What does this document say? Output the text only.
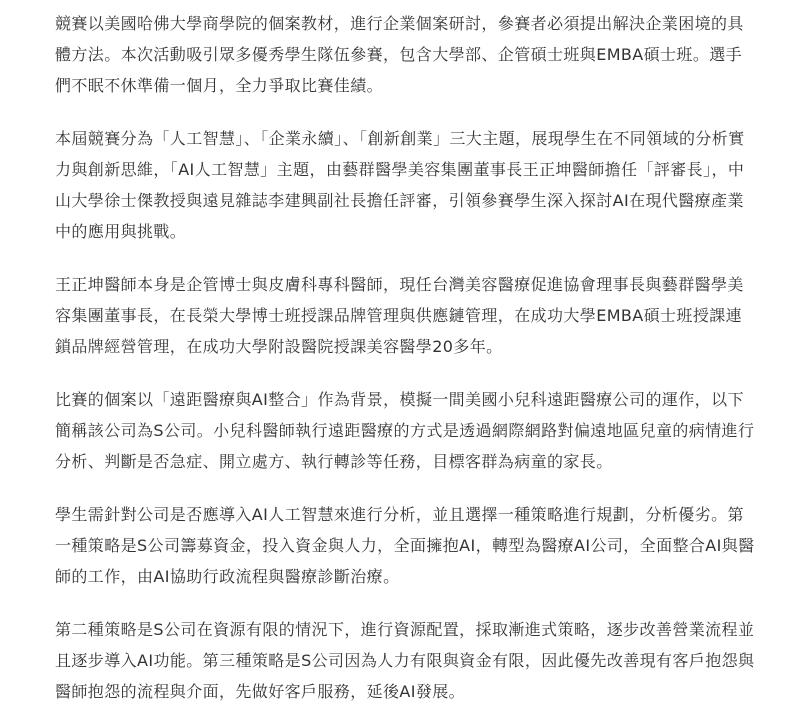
競賽以美國哈佛大學商學院的個案教材，進行企業個案研討，參賽者必須提出解決企業困境的具體方法。本次活動吸引眾多優秀學生隊伍參賽，包含大學部、企管碩士班與EMBA碩士班。選手們不眠不休準備一個月，全力爭取比賽佳績。

本屆競賽分為「人工智慧」、「企業永續」、「創新創業」三大主題，展現學生在不同領域的分析實力與創新思維，「AI人工智慧」主題，由藝群醫學美容集團董事長王正坤醫師擔任「評審長」，中山大學徐士傑教授與遠見雜誌李建興副社長擔任評審，引領參賽學生深入探討AI在現代醫療產業中的應用與挑戰。

王正坤醫師本身是企管博士與皮膚科專科醫師，現任台灣美容醫療促進協會理事長與藝群醫學美容集團董事長，在長榮大學博士班授課品牌管理與供應鏈管理，在成功大學EMBA碩士班授課連鎖品牌經營管理，在成功大學附設醫院授課美容醫學20多年。

比賽的個案以「遠距醫療與AI整合」作為背景，模擬一間美國小兒科遠距醫療公司的運作，以下簡稱該公司為S公司。小兒科醫師執行遠距醫療的方式是透過網際網路對偏遠地區兒童的病情進行分析、判斷是否急症、開立處方、執行轉診等任務，目標客群為病童的家長。

學生需針對公司是否應導入AI人工智慧來進行分析，並且選擇一種策略進行規劃，分析優劣。第一種策略是S公司籌募資金，投入資金與人力，全面擁抱AI，轉型為醫療AI公司，全面整合AI與醫師的工作，由AI協助行政流程與醫療診斷治療。

第二種策略是S公司在資源有限的情況下，進行資源配置，採取漸進式策略，逐步改善營業流程並且逐步導入AI功能。第三種策略是S公司因為人力有限與資金有限，因此優先改善現有客戶抱怨與醫師抱怨的流程與介面，先做好客戶服務，延後AI發展。
